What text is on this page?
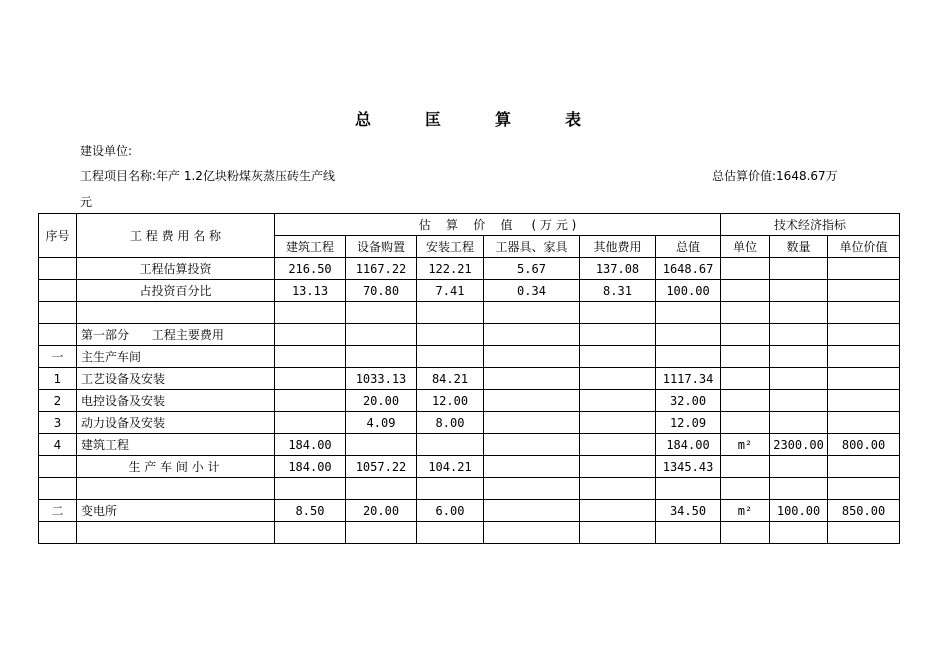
总	匡	算	表
建设单位:
工程项目名称:年产 1.2亿块粉煤灰蒸压砖生产线	总估算价值:1648.67万
元
序号	工 程 费 用 名 称	估    算    价    值     ( 万 元 )						技术经济指标		
		建筑工程	设备购置	安装工程	工器具、家具	其他费用	总值	单位	数量	单位价值
	工程估算投资	216.50	1167.22	122.21	5.67	137.08	1648.67			
	占投资百分比	13.13	70.80	7.41	0.34	8.31	100.00			

	第一部分      工程主要费用									
一	主生产车间									
1	工艺设备及安装		1033.13	84.21			1117.34			
2	电控设备及安装		20.00	12.00			32.00			
3	动力设备及安装		4.09	8.00			12.09			
4	建筑工程	184.00					184.00	m²	2300.00	800.00
	生 产 车 间 小 计	184.00	1057.22	104.21			1345.43			

二	变电所	8.50	20.00	6.00			34.50	m²	100.00	850.00
